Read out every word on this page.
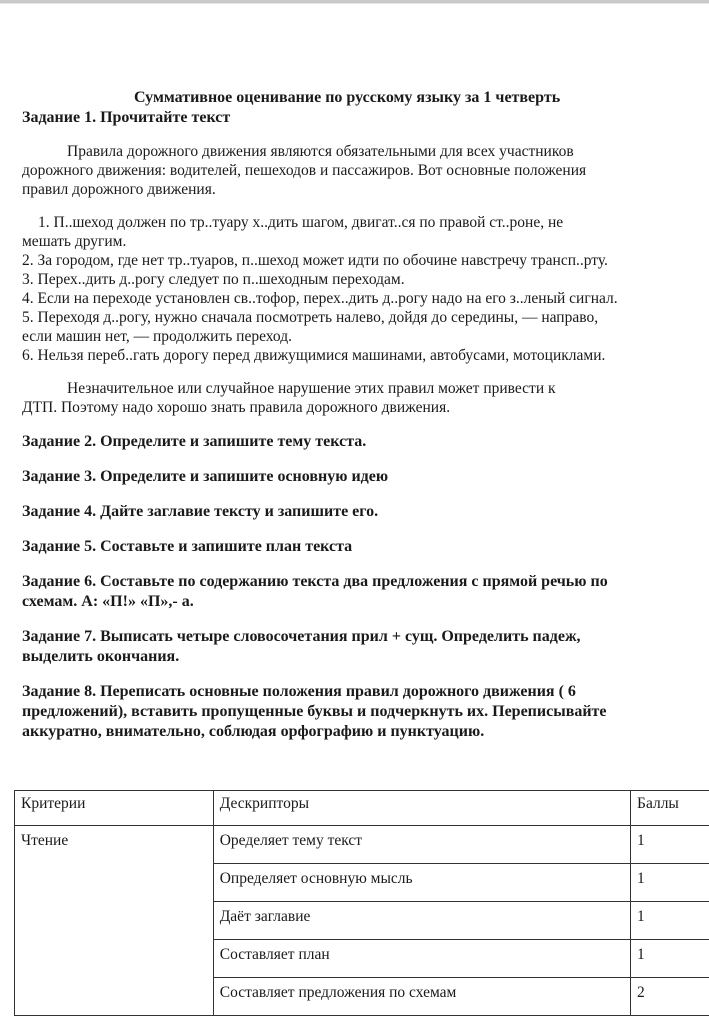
Суммативное оценивание по русскому языку за 1 четверть
Задание 1. Прочитайте текст
Правила дорожного движения являются обязательными для всех участников
дорожного движения: водителей, пешеходов и пассажиров. Вот основные положения
правил дорожного движения.
1. П..шеход должен по тр..туару х..дить шагом, двигат..ся по правой ст..роне, не
мешать другим.
2. За городом, где нет тр..туаров, п..шеход может идти по обочине навстречу трансп..рту.
3. Перех..дить д..рогу следует по п..шеходным переходам.
4. Если на переходе установлен св..тофор, перех..дить д..рогу надо на его з..леный сигнал.
5. Переходя д..рогу, нужно сначала посмотреть налево, дойдя до середины, — направо,
если машин нет, — продолжить переход.
6. Нельзя переб..гать дорогу перед движущимися машинами, автобусами, мотоциклами.
Незначительное или случайное нарушение этих правил может привести к
ДТП. Поэтому надо хорошо знать правила дорожного движения.
Задание 2. Определите и запишите тему текста.
Задание 3. Определите и запишите основную идею
Задание 4. Дайте заглавие тексту и запишите его.
Задание 5. Составьте и запишите план текста
Задание 6. Составьте по содержанию текста два предложения с прямой речью по
схемам. А: «П!» «П»,- а.
Задание 7. Выписать четыре словосочетания прил + сущ. Определить падеж,
выделить окончания.
Задание 8. Переписать основные положения правил дорожного движения ( 6
предложений), вставить пропущенные буквы и подчеркнуть их. Переписывайте
аккуратно, внимательно, соблюдая орфографию и пунктуацию.
Критерии	Дескрипторы	Баллы
Чтение	Оределяет тему текст	1
	Определяет основную мысль	1
	Даёт заглавие	1
	Составляет план	1
	Составляет предложения по схемам	2
